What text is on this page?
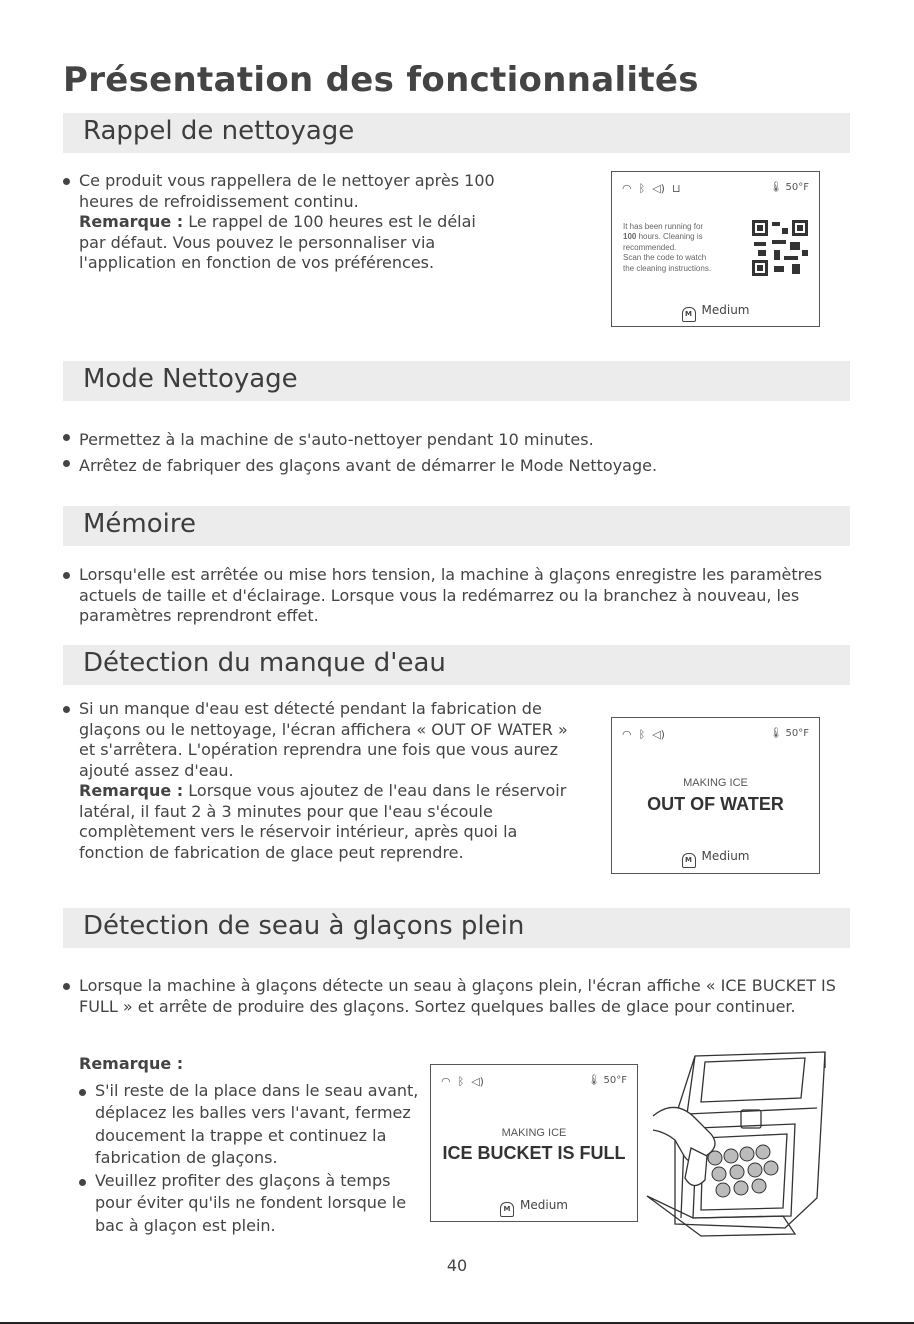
Présentation des fonctionnalités
Rappel de nettoyage
Ce produit vous rappellera de le nettoyer après 100 heures de refroidissement continu.
Remarque : Le rappel de 100 heures est le délai par défaut. Vous pouvez le personnaliser via l'application en fonction de vos préférences.
◠ ᛒ ◁) ⊔	🌡 50°F
It has been running for
100 hours. Cleaning is
recommended.
Scan the code to watch
the cleaning instructions.
M Medium
Mode Nettoyage
Permettez à la machine de s'auto-nettoyer pendant 10 minutes.
Arrêtez de fabriquer des glaçons avant de démarrer le Mode Nettoyage.
Mémoire
Lorsqu'elle est arrêtée ou mise hors tension, la machine à glaçons enregistre les paramètres actuels de taille et d'éclairage. Lorsque vous la redémarrez ou la branchez à nouveau, les paramètres reprendront effet.
Détection du manque d'eau
Si un manque d'eau est détecté pendant la fabrication de glaçons ou le nettoyage, l'écran affichera « OUT OF WATER » et s'arrêtera. L'opération reprendra une fois que vous aurez ajouté assez d'eau.
Remarque : Lorsque vous ajoutez de l'eau dans le réservoir latéral, il faut 2 à 3 minutes pour que l'eau s'écoule complètement vers le réservoir intérieur, après quoi la fonction de fabrication de glace peut reprendre.
◠ ᛒ ◁)	🌡 50°F
MAKING ICE
OUT OF WATER
M Medium
Détection de seau à glaçons plein
Lorsque la machine à glaçons détecte un seau à glaçons plein, l'écran affiche « ICE BUCKET IS FULL » et arrête de produire des glaçons. Sortez quelques balles de glace pour continuer.
Remarque :
S'il reste de la place dans le seau avant, déplacez les balles vers l'avant, fermez doucement la trappe et continuez la fabrication de glaçons.
Veuillez profiter des glaçons à temps pour éviter qu'ils ne fondent lorsque le bac à glaçon est plein.
◠ ᛒ ◁)	🌡 50°F
MAKING ICE
ICE BUCKET IS FULL
M Medium
40
